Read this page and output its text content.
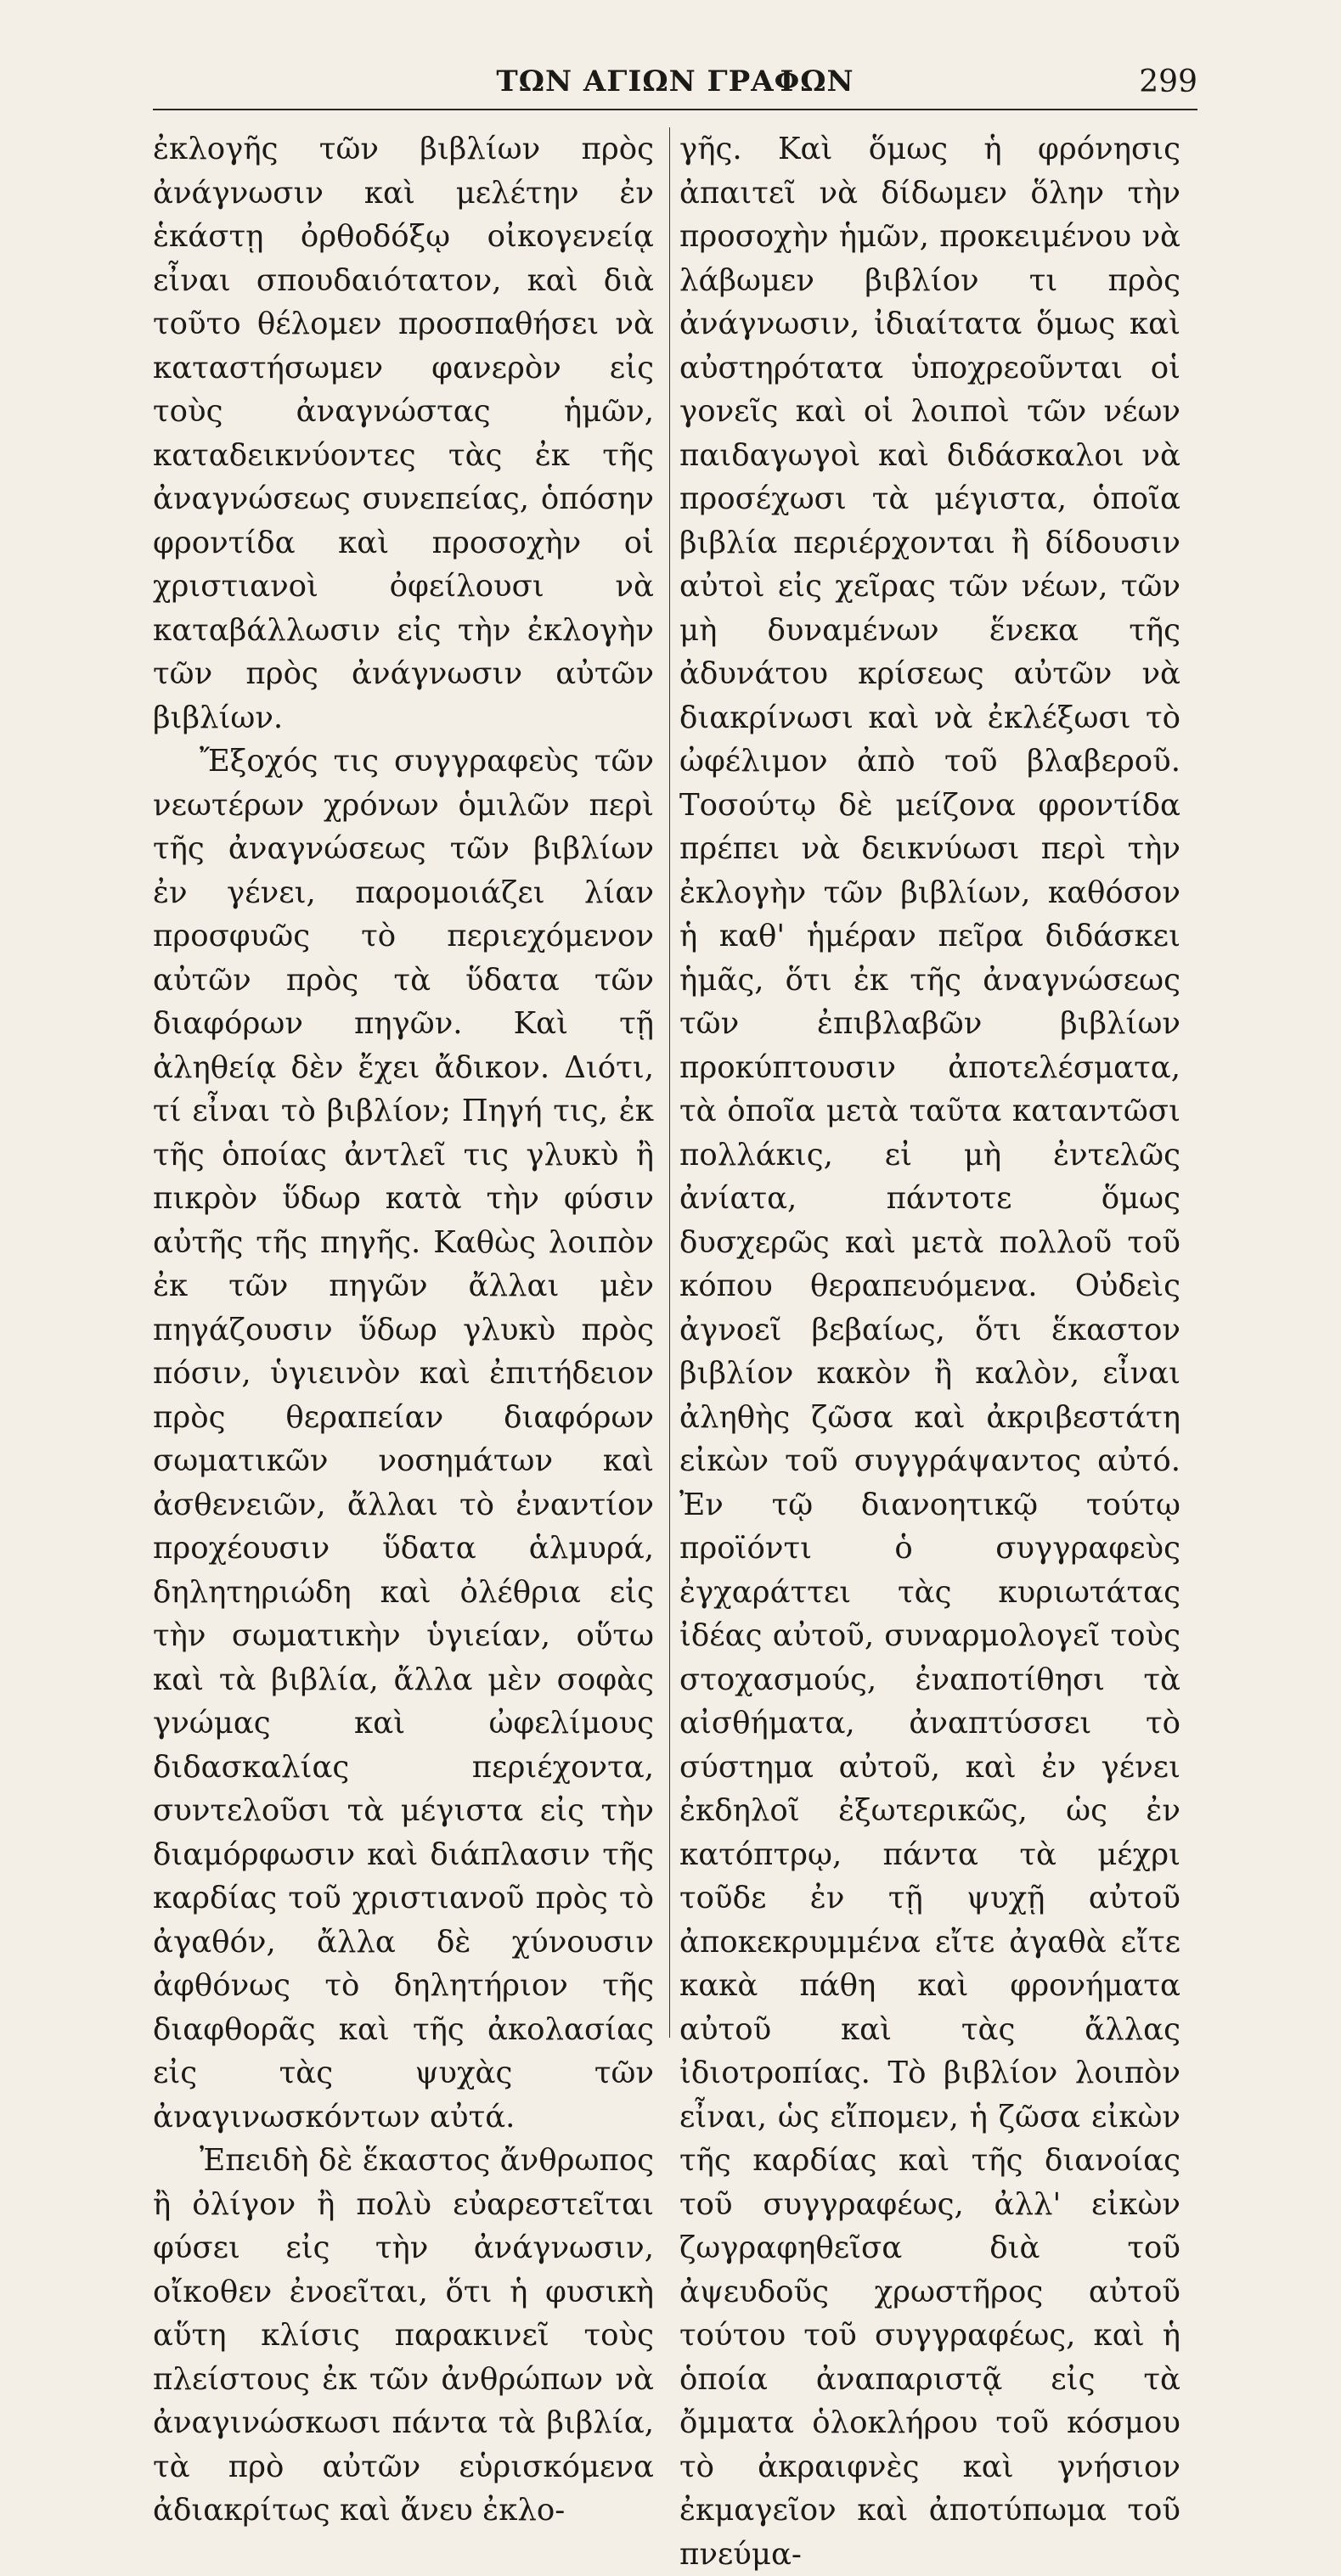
ΤΩΝ ΑΓΙΩΝ ΓΡΑΦΩΝ	299

ἐκλογῆς τῶν βιβλίων πρὸς ἀνάγνωσιν καὶ μελέτην ἐν ἑκάστῃ ὀρθοδόξῳ οἰκογενείᾳ εἶναι σπουδαιότατον, καὶ διὰ τοῦτο θέλομεν προσπαθήσει νὰ καταστήσωμεν φανερὸν εἰς τοὺς ἀναγνώστας ἡμῶν, καταδεικνύοντες τὰς ἐκ τῆς ἀναγνώσεως συνεπείας, ὁπόσην φροντίδα καὶ προσοχὴν οἱ χριστιανοὶ ὀφείλουσι νὰ καταβάλλωσιν εἰς τὴν ἐκλογὴν τῶν πρὸς ἀνάγνωσιν αὐτῶν βιβλίων.

Ἔξοχός τις συγγραφεὺς τῶν νεωτέρων χρόνων ὁμιλῶν περὶ τῆς ἀναγνώσεως τῶν βιβλίων ἐν γένει, παρομοιάζει λίαν προσφυῶς τὸ περιεχόμενον αὐτῶν πρὸς τὰ ὕδατα τῶν διαφόρων πηγῶν. Καὶ τῇ ἀληθείᾳ δὲν ἔχει ἄδικον. Διότι, τί εἶναι τὸ βιβλίον; Πηγή τις, ἐκ τῆς ὁποίας ἀντλεῖ τις γλυκὺ ἢ πικρὸν ὕδωρ κατὰ τὴν φύσιν αὐτῆς τῆς πηγῆς. Καθὼς λοιπὸν ἐκ τῶν πηγῶν ἄλλαι μὲν πηγάζουσιν ὕδωρ γλυκὺ πρὸς πόσιν, ὑγιεινὸν καὶ ἐπιτήδειον πρὸς θεραπείαν διαφόρων σωματικῶν νοσημάτων καὶ ἀσθενειῶν, ἄλλαι τὸ ἐναντίον προχέουσιν ὕδατα ἁλμυρά, δηλητηριώδη καὶ ὀλέθρια εἰς τὴν σωματικὴν ὑγιείαν, οὕτω καὶ τὰ βιβλία, ἄλλα μὲν σοφὰς γνώμας καὶ ὠφελίμους διδασκαλίας περιέχοντα, συντελοῦσι τὰ μέγιστα εἰς τὴν διαμόρφωσιν καὶ διάπλασιν τῆς καρδίας τοῦ χριστιανοῦ πρὸς τὸ ἀγαθόν, ἄλλα δὲ χύνουσιν ἀφθόνως τὸ δηλητήριον τῆς διαφθορᾶς καὶ τῆς ἀκολασίας εἰς τὰς ψυχὰς τῶν ἀναγινωσκόντων αὐτά.

Ἐπειδὴ δὲ ἕκαστος ἄνθρωπος ἢ ὀλίγον ἢ πολὺ εὐαρεστεῖται φύσει εἰς τὴν ἀνάγνωσιν, οἴκοθεν ἐνοεῖται, ὅτι ἡ φυσικὴ αὕτη κλίσις παρακινεῖ τοὺς πλείστους ἐκ τῶν ἀνθρώπων νὰ ἀναγινώσκωσι πάντα τὰ βιβλία, τὰ πρὸ αὐτῶν εὑρισκόμενα ἀδιακρίτως καὶ ἄνευ ἐκλο-

γῆς. Καὶ ὅμως ἡ φρόνησις ἀπαιτεῖ νὰ δίδωμεν ὅλην τὴν προσοχὴν ἡμῶν, προκειμένου νὰ λάβωμεν βιβλίον τι πρὸς ἀνάγνωσιν, ἰδιαίτατα ὅμως καὶ αὐστηρότατα ὑποχρεοῦνται οἱ γονεῖς καὶ οἱ λοιποὶ τῶν νέων παιδαγωγοὶ καὶ διδάσκαλοι νὰ προσέχωσι τὰ μέγιστα, ὁποῖα βιβλία περιέρχονται ἢ δίδουσιν αὐτοὶ εἰς χεῖρας τῶν νέων, τῶν μὴ δυναμένων ἕνεκα τῆς ἀδυνάτου κρίσεως αὐτῶν νὰ διακρίνωσι καὶ νὰ ἐκλέξωσι τὸ ὠφέλιμον ἀπὸ τοῦ βλαβεροῦ. Τοσούτῳ δὲ μείζονα φροντίδα πρέπει νὰ δεικνύωσι περὶ τὴν ἐκλογὴν τῶν βιβλίων, καθόσον ἡ καθ' ἡμέραν πεῖρα διδάσκει ἡμᾶς, ὅτι ἐκ τῆς ἀναγνώσεως τῶν ἐπιβλαβῶν βιβλίων προκύπτουσιν ἀποτελέσματα, τὰ ὁποῖα μετὰ ταῦτα καταντῶσι πολλάκις, εἰ μὴ ἐντελῶς ἀνίατα, πάντοτε ὅμως δυσχερῶς καὶ μετὰ πολλοῦ τοῦ κόπου θεραπευόμενα. Οὐδεὶς ἀγνοεῖ βεβαίως, ὅτι ἕκαστον βιβλίον κακὸν ἢ καλὸν, εἶναι ἀληθὴς ζῶσα καὶ ἀκριβεστάτη εἰκὼν τοῦ συγγράψαντος αὐτό. Ἐν τῷ διανοητικῷ τούτῳ προϊόντι ὁ συγγραφεὺς ἐγχαράττει τὰς κυριωτάτας ἰδέας αὐτοῦ, συναρμολογεῖ τοὺς στοχασμούς, ἐναποτίθησι τὰ αἰσθήματα, ἀναπτύσσει τὸ σύστημα αὐτοῦ, καὶ ἐν γένει ἐκδηλοῖ ἐξωτερικῶς, ὡς ἐν κατόπτρῳ, πάντα τὰ μέχρι τοῦδε ἐν τῇ ψυχῇ αὐτοῦ ἀποκεκρυμμένα εἴτε ἀγαθὰ εἴτε κακὰ πάθη καὶ φρονήματα αὐτοῦ καὶ τὰς ἄλλας ἰδιοτροπίας. Τὸ βιβλίον λοιπὸν εἶναι, ὡς εἴπομεν, ἡ ζῶσα εἰκὼν τῆς καρδίας καὶ τῆς διανοίας τοῦ συγγραφέως, ἀλλ' εἰκὼν ζωγραφηθεῖσα διὰ τοῦ ἀψευδοῦς χρωστῆρος αὐτοῦ τούτου τοῦ συγγραφέως, καὶ ἡ ὁποία ἀναπαριστᾷ εἰς τὰ ὄμματα ὁλοκλήρου τοῦ κόσμου τὸ ἀκραιφνὲς καὶ γνήσιον ἐκμαγεῖον καὶ ἀποτύπωμα τοῦ πνεύμα-
